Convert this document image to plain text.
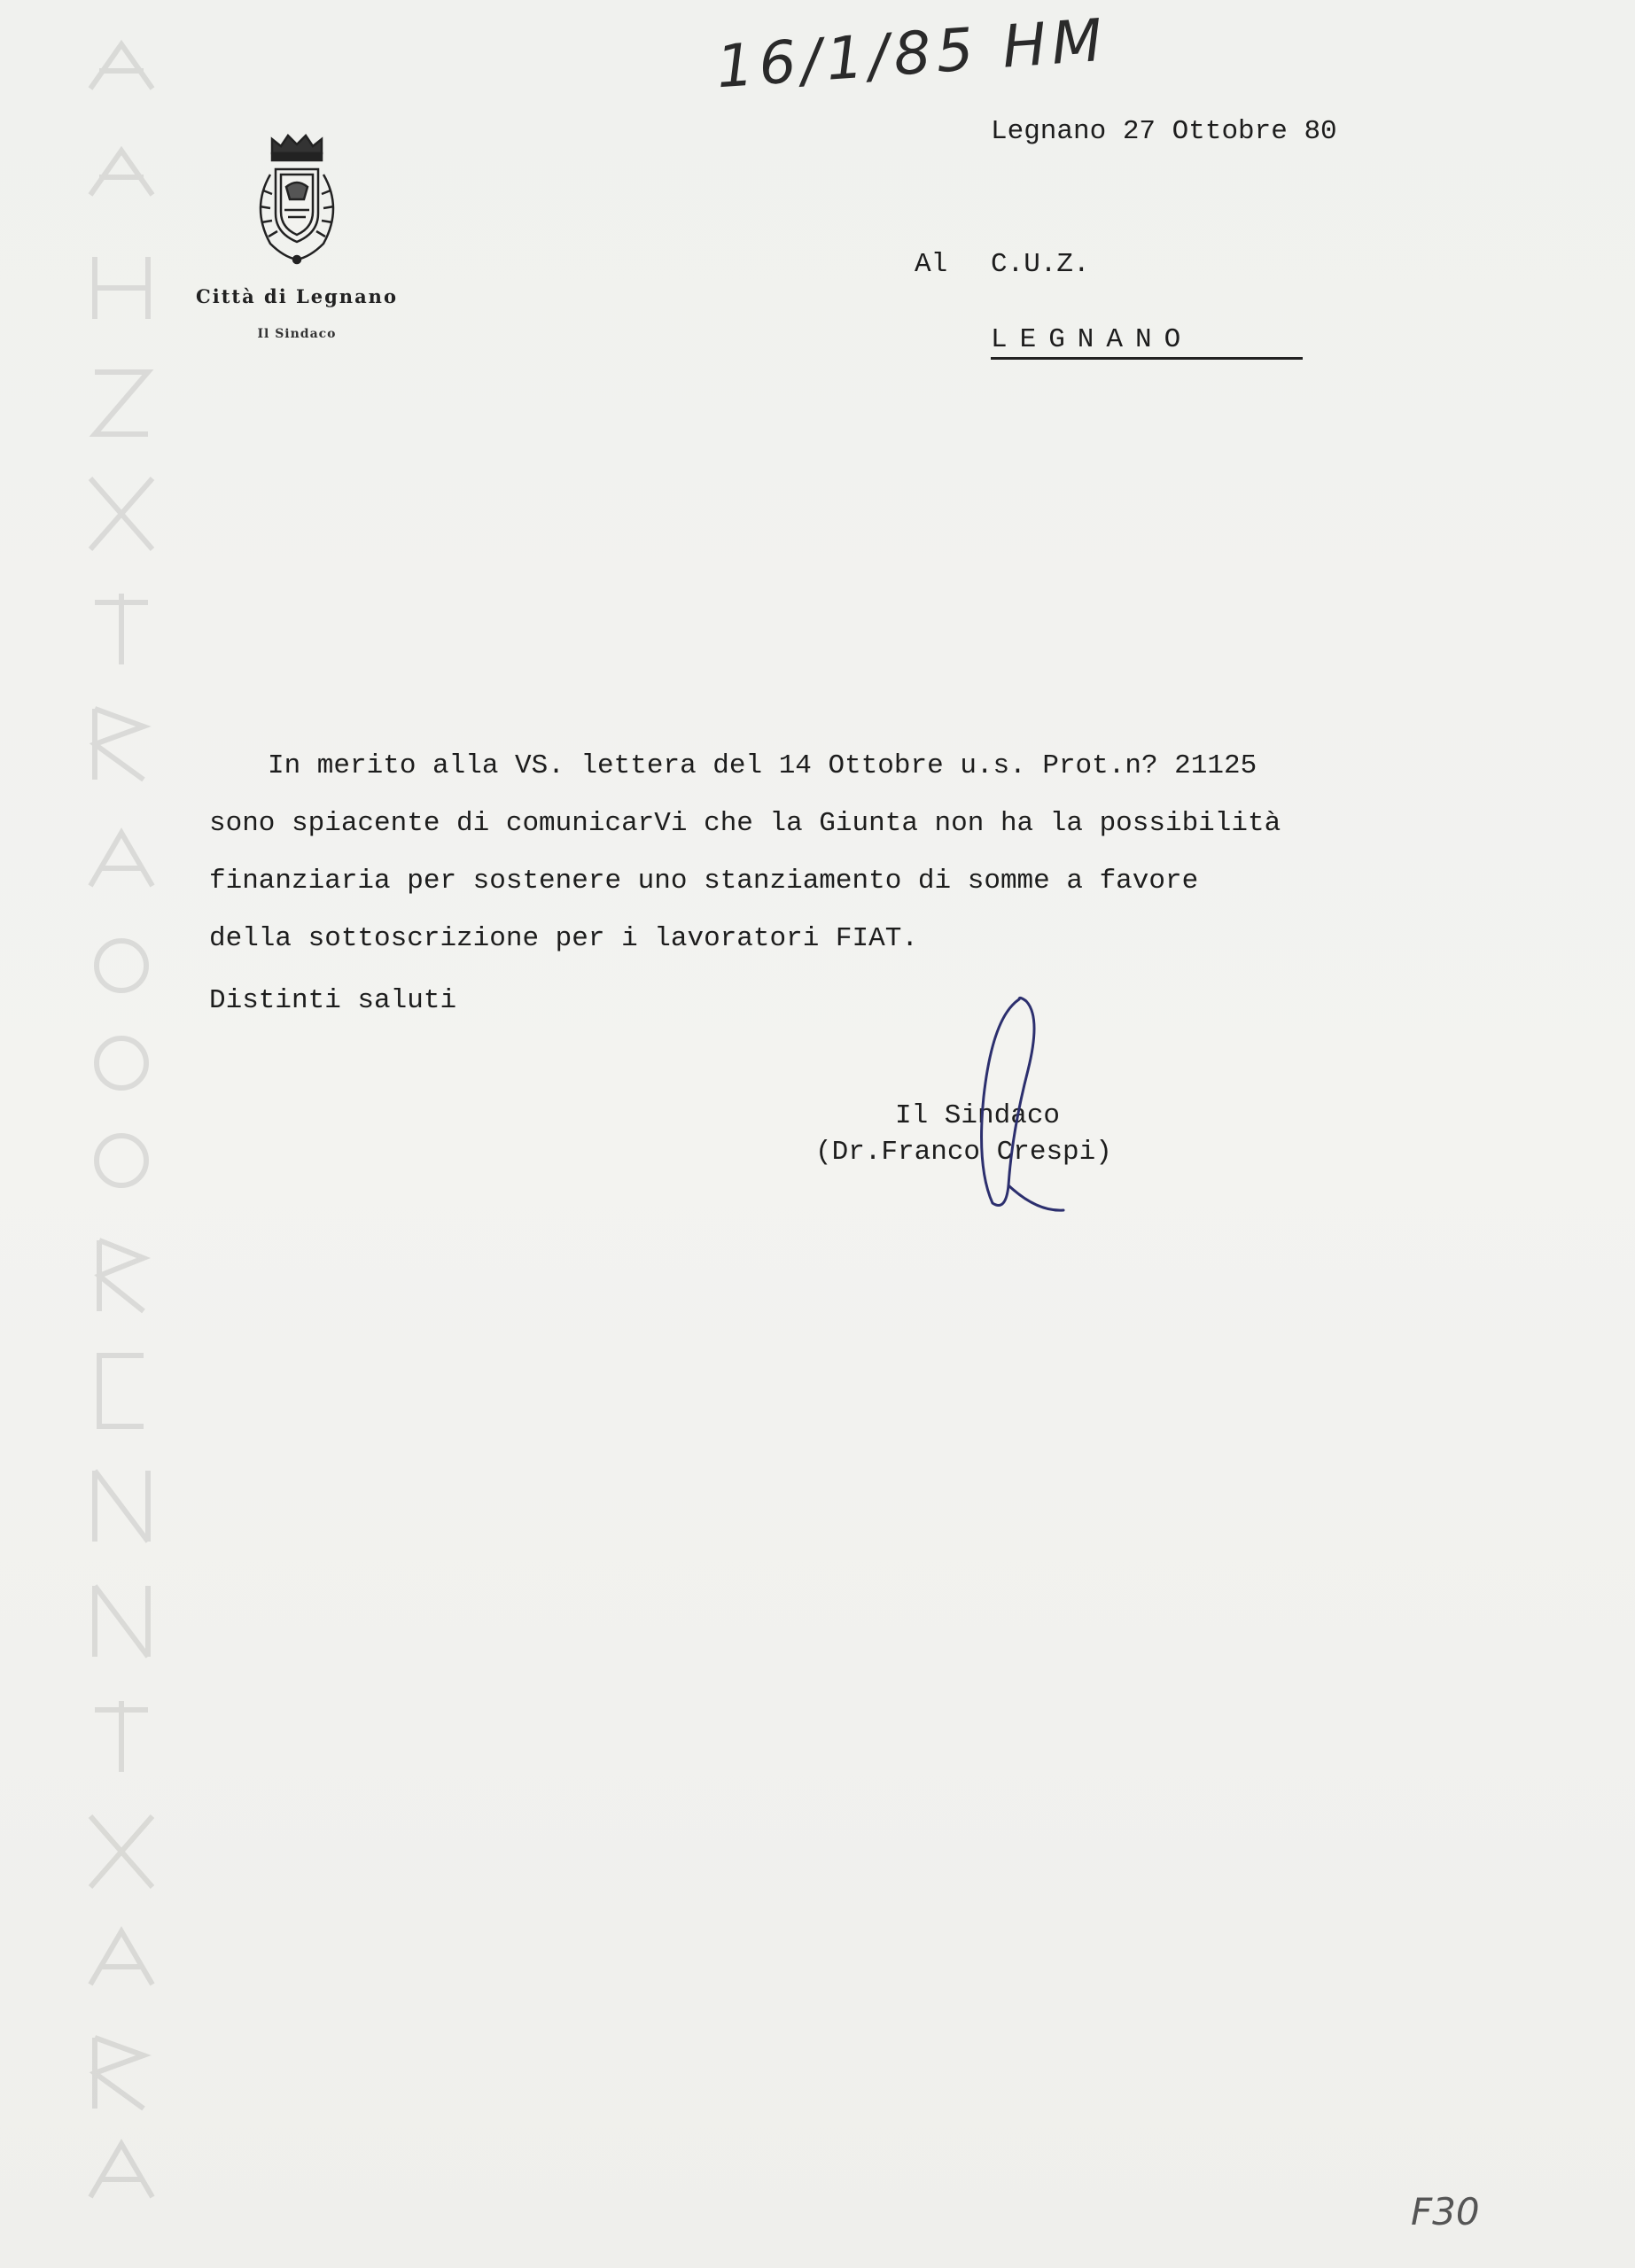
16/1/85 HM
F30
Città di Legnano
Il Sindaco
Legnano 27 Ottobre 80
Al C.U.Z.
LEGNANO

In merito alla VS. lettera del 14 Ottobre u.s. Prot.n? 21125

sono spiacente di comunicarVi che la Giunta non ha la possibilità

finanziaria per sostenere uno stanziamento di somme a favore

della sottoscrizione per i lavoratori FIAT.

Distinti saluti
Il Sindaco
(Dr.Franco Crespi)
